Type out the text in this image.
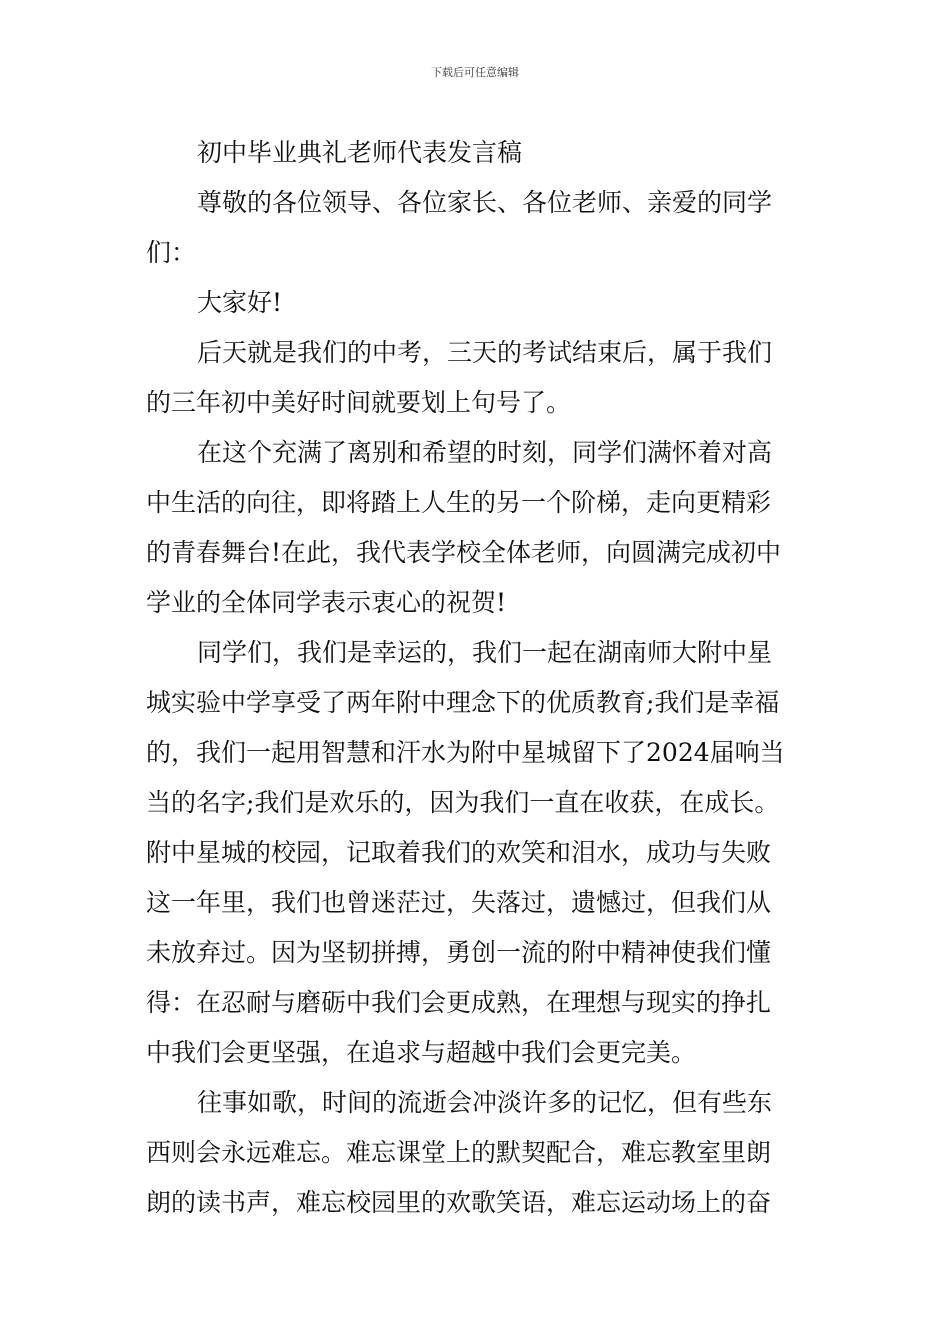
下载后可任意编辑

初中毕业典礼老师代表发言稿

尊敬的各位领导、各位家长、各位老师、亲爱的同学
们：

大家好!

后天就是我们的中考，三天的考试结束后，属于我们
的三年初中美好时间就要划上句号了。

在这个充满了离别和希望的时刻，同学们满怀着对高
中生活的向往，即将踏上人生的另一个阶梯，走向更精彩
的青春舞台!在此，我代表学校全体老师，向圆满完成初中
学业的全体同学表示衷心的祝贺!

同学们，我们是幸运的，我们一起在湖南师大附中星
城实验中学享受了两年附中理念下的优质教育;我们是幸福
的，我们一起用智慧和汗水为附中星城留下了2024届响当
当的名字;我们是欢乐的，因为我们一直在收获，在成长。
附中星城的校园，记取着我们的欢笑和泪水，成功与失败
这一年里，我们也曾迷茫过，失落过，遗憾过，但我们从
未放弃过。因为坚韧拼搏，勇创一流的附中精神使我们懂
得：在忍耐与磨砺中我们会更成熟，在理想与现实的挣扎
中我们会更坚强，在追求与超越中我们会更完美。

往事如歌，时间的流逝会冲淡许多的记忆，但有些东
西则会永远难忘。难忘课堂上的默契配合，难忘教室里朗
朗的读书声，难忘校园里的欢歌笑语，难忘运动场上的奋
